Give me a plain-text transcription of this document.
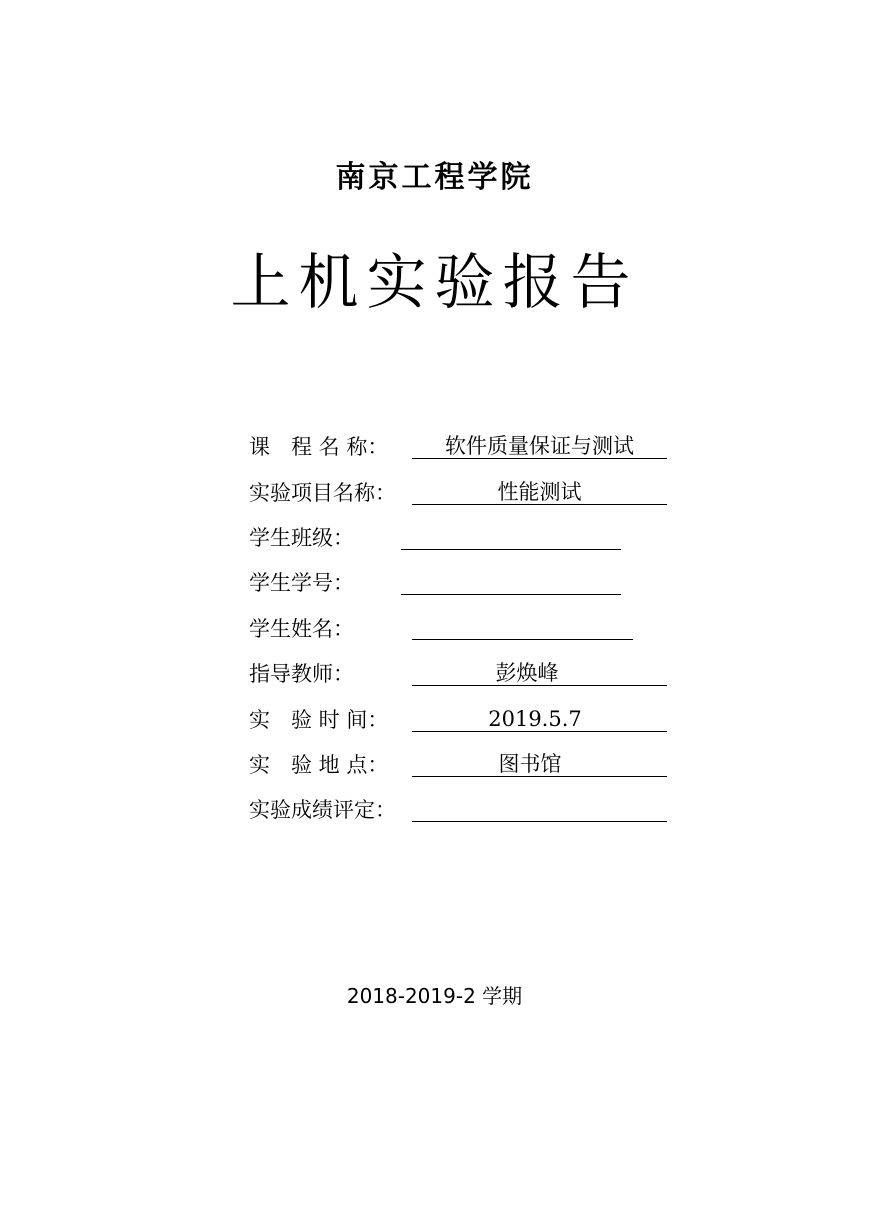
南京工程学院
上机实验报告
课　程 名 称：	软件质量保证与测试
实验项目名称：	性能测试
学生班级：
学生学号：
学生姓名：
指导教师：	彭焕峰
实　验 时 间：	2019.5.7
实　验 地 点：	图书馆
实验成绩评定：
2018-2019-2 学期
